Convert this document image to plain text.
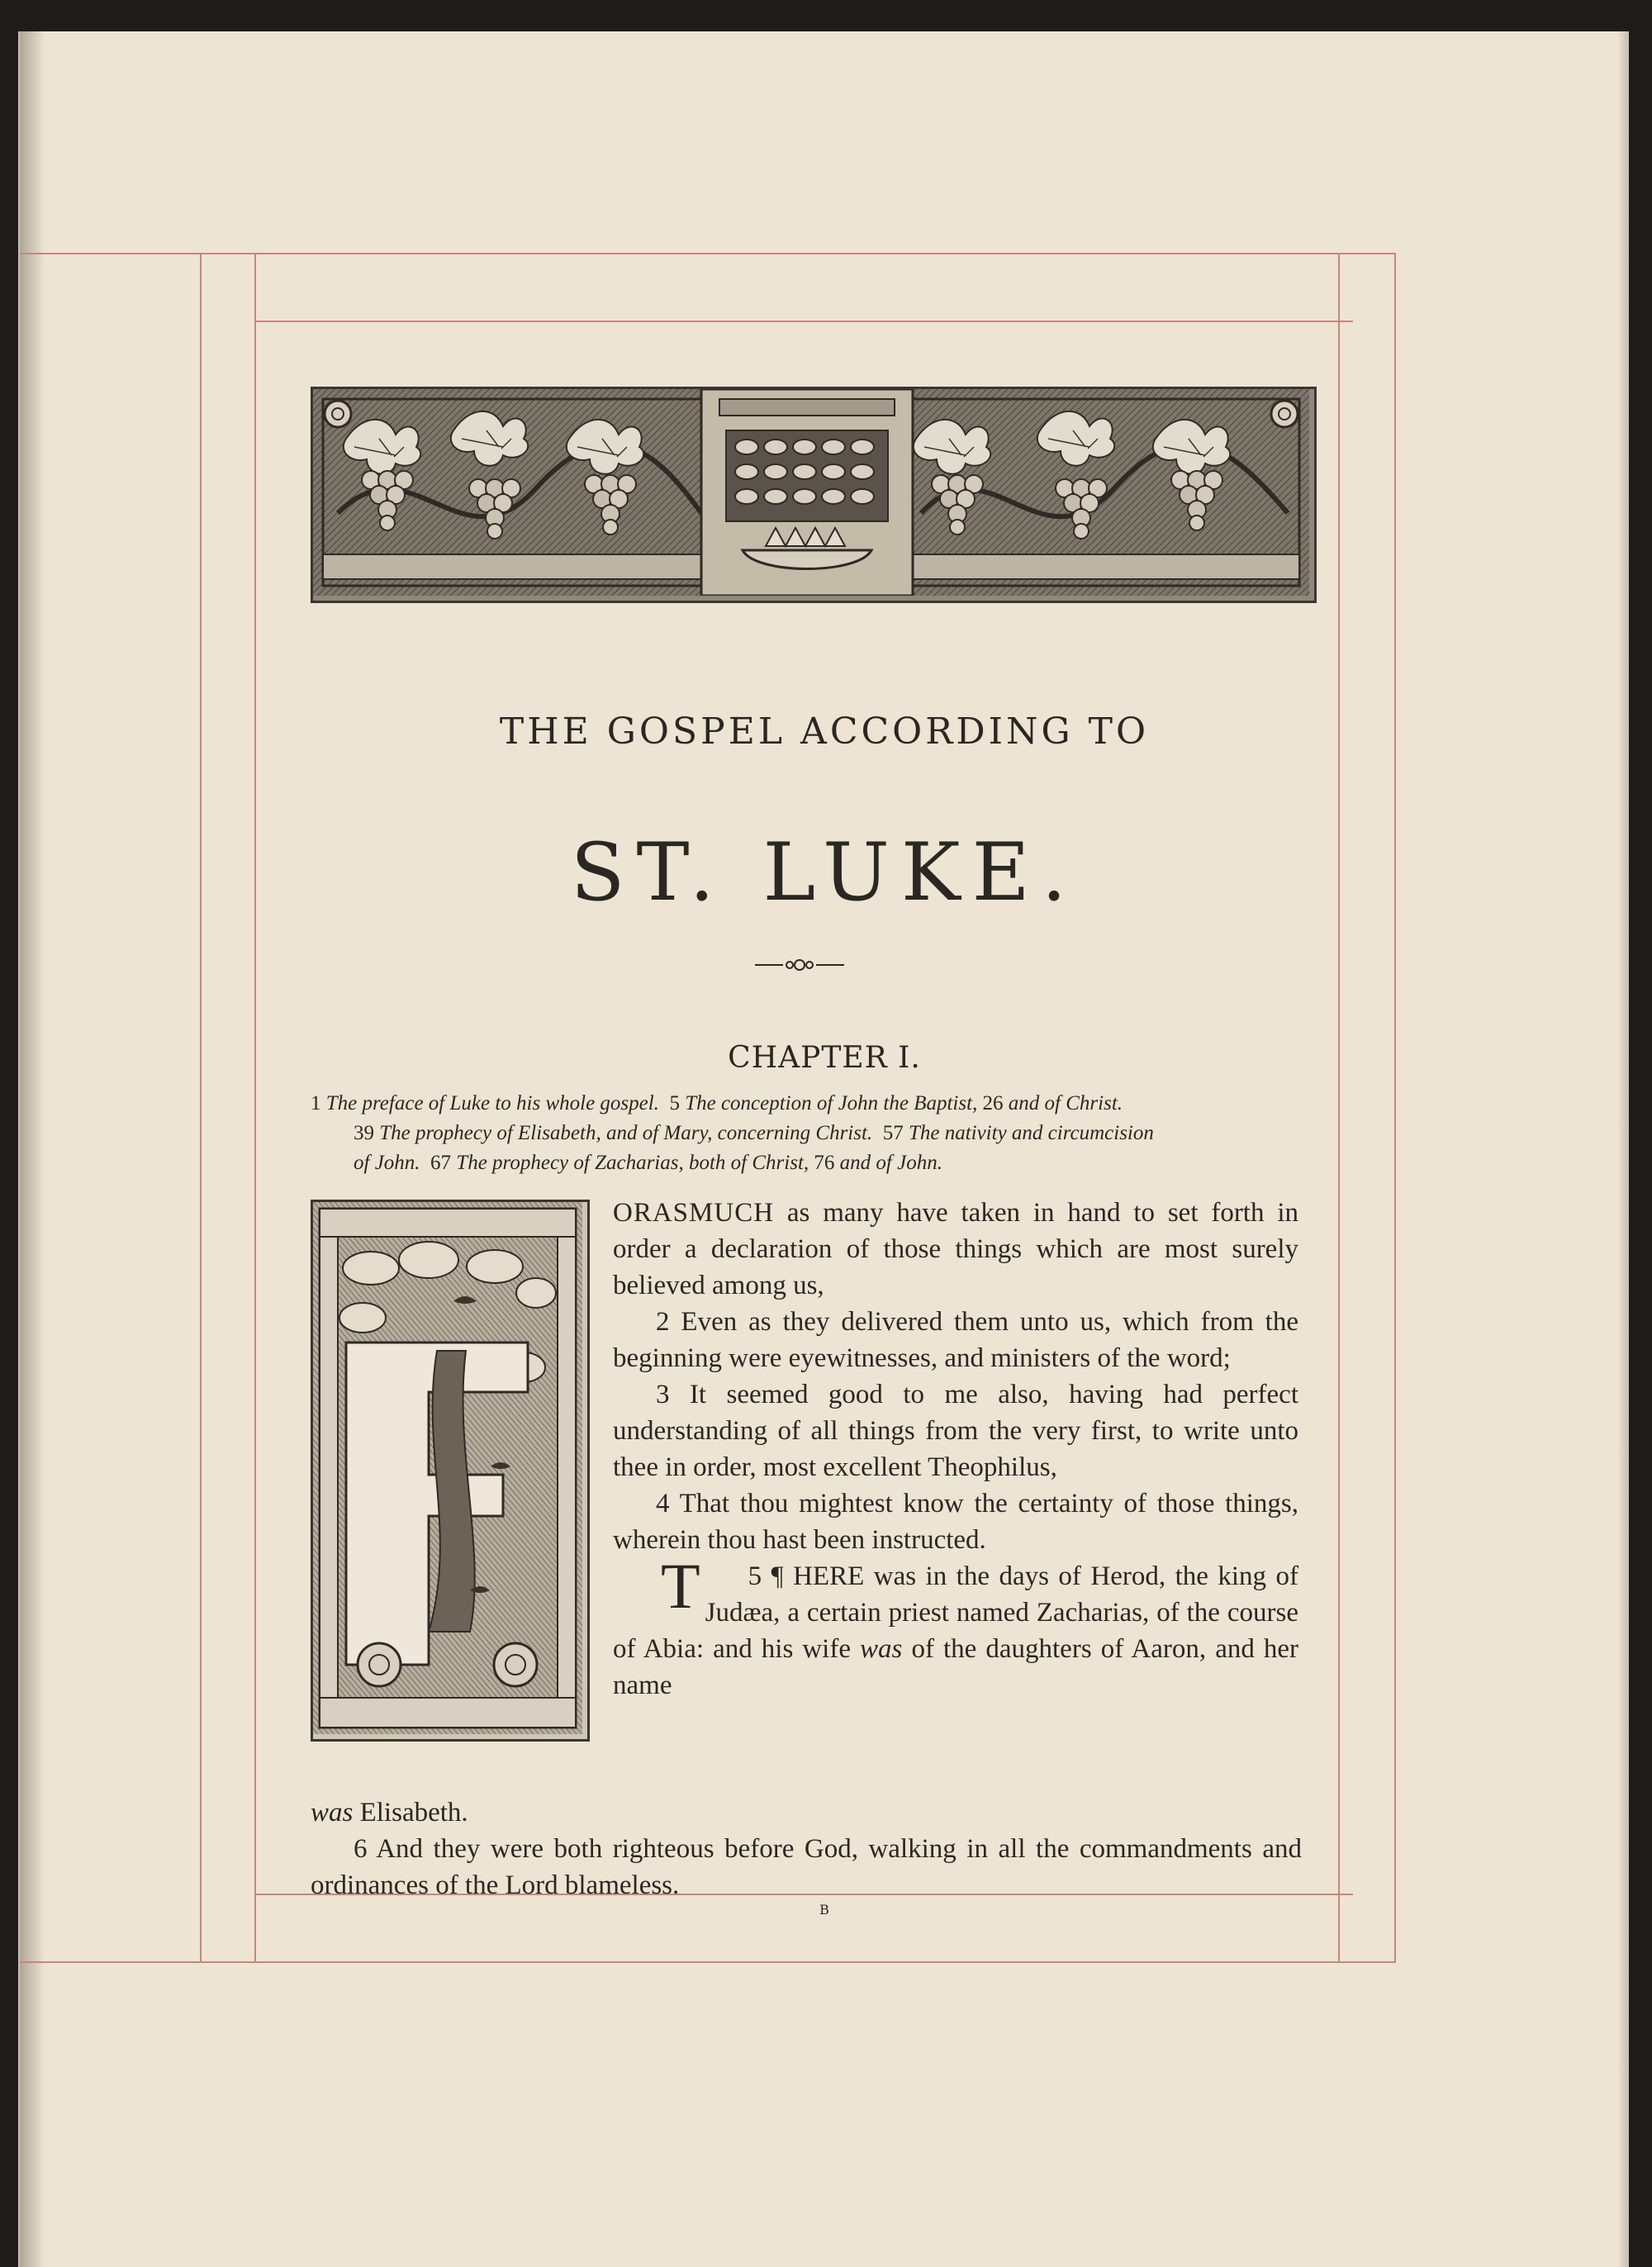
THE GOSPEL ACCORDING TO
ST. LUKE.
CHAPTER I.
1 The preface of Luke to his whole gospel. 5 The conception of John the Baptist, 26 and of Christ.
39 The prophecy of Elisabeth, and of Mary, concerning Christ. 57 The nativity and circumcision
of John. 67 The prophecy of Zacharias, both of Christ, 76 and of John.

ORASMUCH as many have taken in hand to set forth in order a declaration of those things which are most surely believed among us,

2 Even as they delivered them unto us, which from the beginning were eyewitnesses, and ministers of the word;

3 It seemed good to me also, having had perfect understanding of all things from the very first, to write unto thee in order, most excellent Theophilus,

4 That thou mightest know the certainty of those things, wherein thou hast been instructed.

5 ¶
T	HERE was in the days of Herod, the king of Judæa, a certain priest named Zacharias, of the course of Abia: and his wife was of the daughters of Aaron, and her name

was Elisabeth.

6 And they were both righteous before God, walking in all the commandments and ordinances of the Lord blameless.

B
